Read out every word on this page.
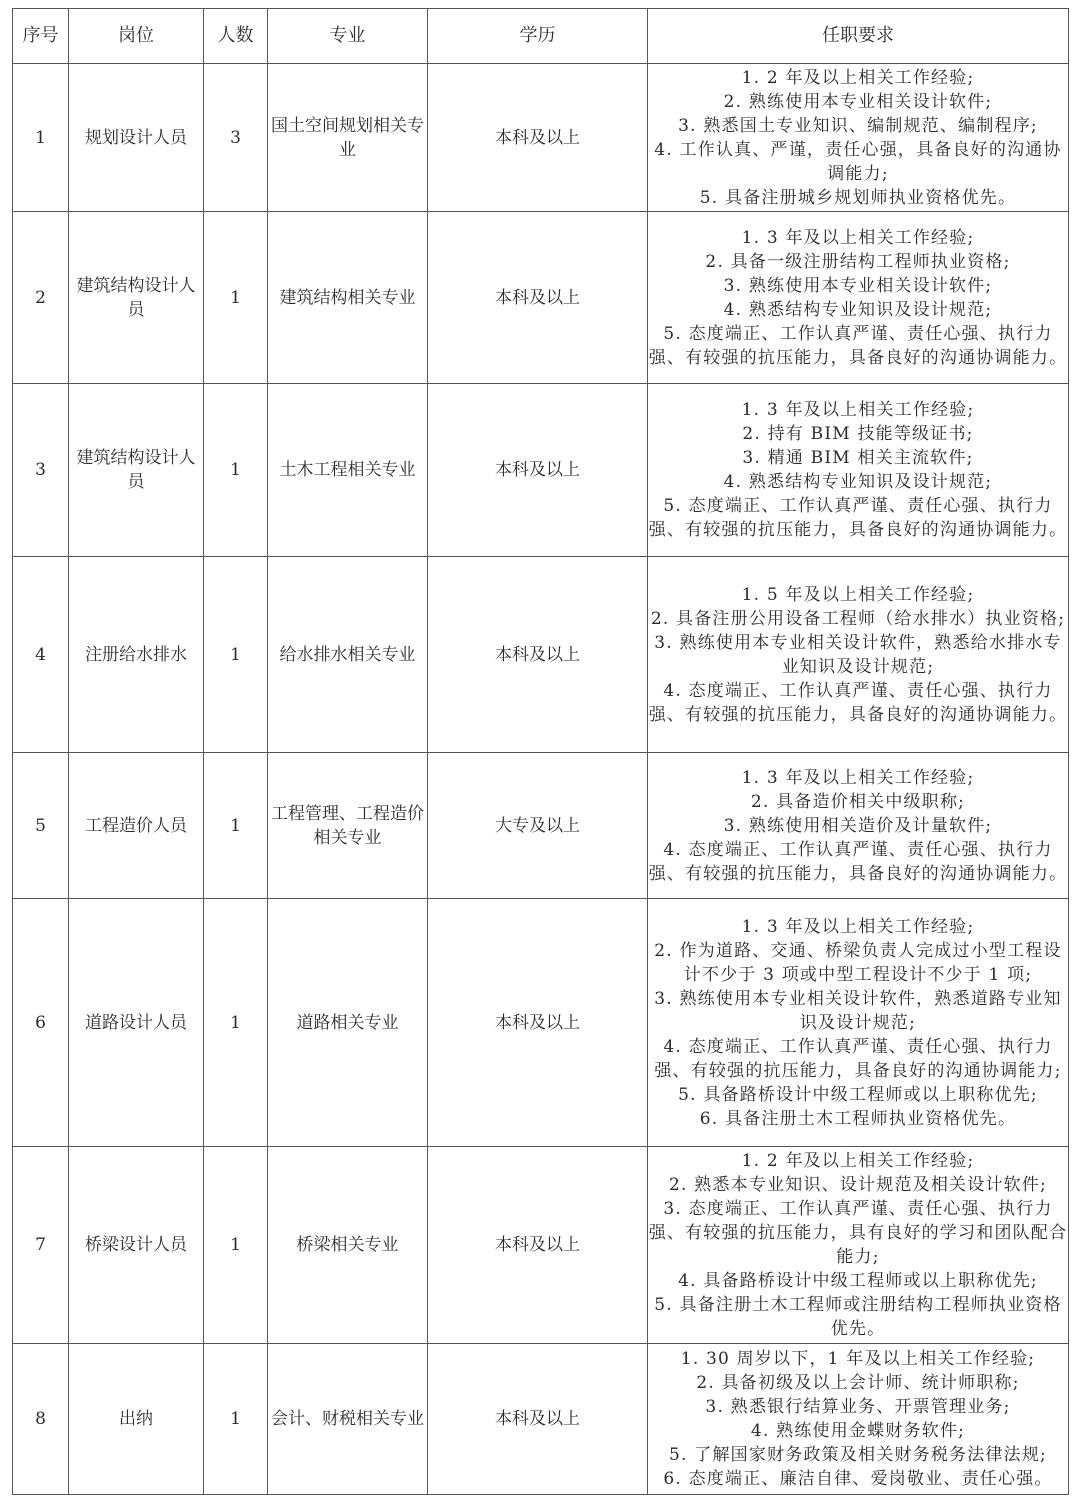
序号	岗位	人数	专业	学历	任职要求
1	规划设计人员	3	国土空间规划相关专业	本科及以上	1. 2 年及以上相关工作经验;
2. 熟练使用本专业相关设计软件;
3. 熟悉国土专业知识、编制规范、编制程序;
4. 工作认真、严谨，责任心强，具备良好的沟通协调能力;
5. 具备注册城乡规划师执业资格优先。

2	建筑结构设计人员	1	建筑结构相关专业	本科及以上	1. 3 年及以上相关工作经验;
2. 具备一级注册结构工程师执业资格;
3. 熟练使用本专业相关设计软件;
4. 熟悉结构专业知识及设计规范;
5. 态度端正、工作认真严谨、责任心强、执行力强、有较强的抗压能力，具备良好的沟通协调能力。

3	建筑结构设计人员	1	土木工程相关专业	本科及以上	1. 3 年及以上相关工作经验;
2. 持有 BIM 技能等级证书;
3. 精通 BIM 相关主流软件;
4. 熟悉结构专业知识及设计规范;
5. 态度端正、工作认真严谨、责任心强、执行力强、有较强的抗压能力，具备良好的沟通协调能力。

4	注册给水排水	1	给水排水相关专业	本科及以上	1. 5 年及以上相关工作经验;
2. 具备注册公用设备工程师（给水排水）执业资格;
3. 熟练使用本专业相关设计软件，熟悉给水排水专业知识及设计规范;
4. 态度端正、工作认真严谨、责任心强、执行力强、有较强的抗压能力，具备良好的沟通协调能力。

5	工程造价人员	1	工程管理、工程造价相关专业	大专及以上	1. 3 年及以上相关工作经验;
2. 具备造价相关中级职称;
3. 熟练使用相关造价及计量软件;
4. 态度端正、工作认真严谨、责任心强、执行力强、有较强的抗压能力，具备良好的沟通协调能力。

6	道路设计人员	1	道路相关专业	本科及以上	
1. 3 年及以上相关工作经验;
2. 作为道路、交通、桥梁负责人完成过小型工程设计不少于 3 项或中型工程设计不少于 1 项;
3. 熟练使用本专业相关设计软件，熟悉道路专业知识及设计规范;
4. 态度端正、工作认真严谨、责任心强、执行力强、有较强的抗压能力，具备良好的沟通协调能力;
5. 具备路桥设计中级工程师或以上职称优先;
6. 具备注册土木工程师执业资格优先。

7	桥梁设计人员	1	桥梁相关专业	本科及以上	1. 2 年及以上相关工作经验;
2. 熟悉本专业知识、设计规范及相关设计软件;
3. 态度端正、工作认真严谨、责任心强、执行力强、有较强的抗压能力，具有良好的学习和团队配合能力;
4. 具备路桥设计中级工程师或以上职称优先;
5. 具备注册土木工程师或注册结构工程师执业资格优先。

8	出纳	1	会计、财税相关专业	本科及以上	
1. 30 周岁以下，1 年及以上相关工作经验;
2. 具备初级及以上会计师、统计师职称;
3. 熟悉银行结算业务、开票管理业务;
4. 熟练使用金蝶财务软件;
5. 了解国家财务政策及相关财务税务法律法规;
6. 态度端正、廉洁自律、爱岗敬业、责任心强。
